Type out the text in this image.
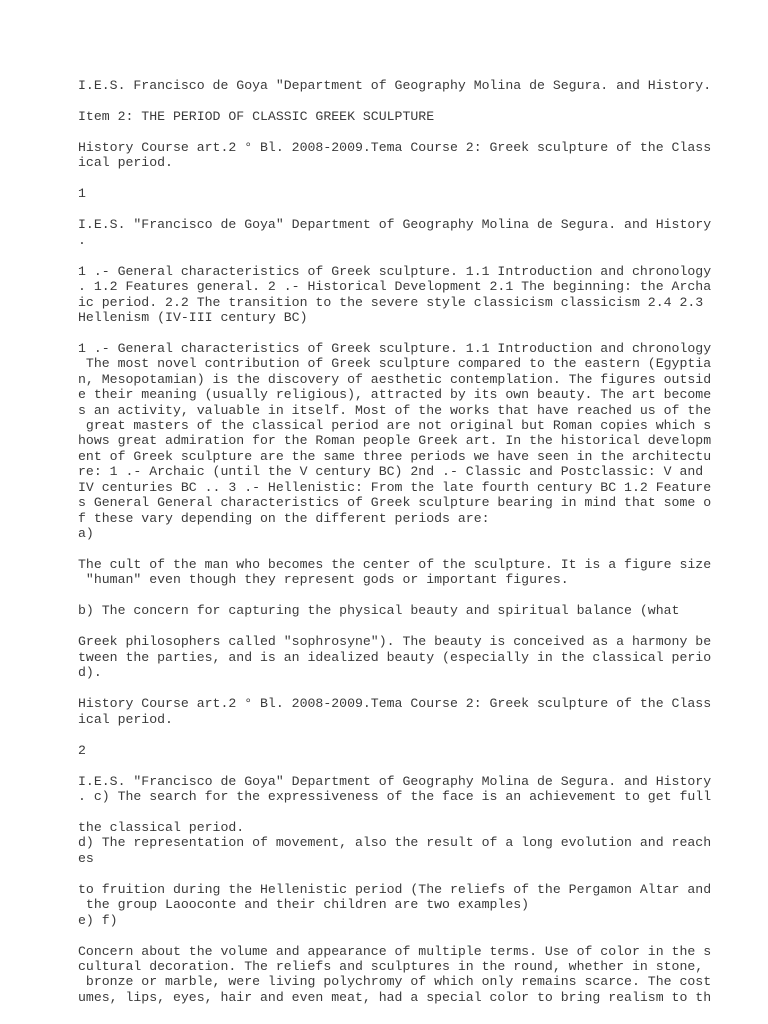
I.E.S. Francisco de Goya "Department of Geography Molina de Segura. and History.

Item 2: THE PERIOD OF CLASSIC GREEK SCULPTURE

History Course art.2 ° Bl. 2008-2009.Tema Course 2: Greek sculpture of the Class
ical period.

1

I.E.S. "Francisco de Goya" Department of Geography Molina de Segura. and History
.

1 .- General characteristics of Greek sculpture. 1.1 Introduction and chronology
. 1.2 Features general. 2 .- Historical Development 2.1 The beginning: the Archa
ic period. 2.2 The transition to the severe style classicism classicism 2.4 2.3
Hellenism (IV-III century BC)

1 .- General characteristics of Greek sculpture. 1.1 Introduction and chronology
The most novel contribution of Greek sculpture compared to the eastern (Egyptia
n, Mesopotamian) is the discovery of aesthetic contemplation. The figures outsid
e their meaning (usually religious), attracted by its own beauty. The art become
s an activity, valuable in itself. Most of the works that have reached us of the
great masters of the classical period are not original but Roman copies which s
hows great admiration for the Roman people Greek art. In the historical developm
ent of Greek sculpture are the same three periods we have seen in the architectu
re: 1 .- Archaic (until the V century BC) 2nd .- Classic and Postclassic: V and
IV centuries BC .. 3 .- Hellenistic: From the late fourth century BC 1.2 Feature
s General General characteristics of Greek sculpture bearing in mind that some o
f these vary depending on the different periods are:
a)

The cult of the man who becomes the center of the sculpture. It is a figure size
"human" even though they represent gods or important figures.

b) The concern for capturing the physical beauty and spiritual balance (what

Greek philosophers called "sophrosyne"). The beauty is conceived as a harmony be
tween the parties, and is an idealized beauty (especially in the classical perio
d).

History Course art.2 ° Bl. 2008-2009.Tema Course 2: Greek sculpture of the Class
ical period.

2

I.E.S. "Francisco de Goya" Department of Geography Molina de Segura. and History
. c) The search for the expressiveness of the face is an achievement to get full

the classical period.
d) The representation of movement, also the result of a long evolution and reach
es

to fruition during the Hellenistic period (The reliefs of the Pergamon Altar and
the group Laooconte and their children are two examples)
e) f)

Concern about the volume and appearance of multiple terms. Use of color in the s
cultural decoration. The reliefs and sculptures in the round, whether in stone,
bronze or marble, were living polychromy of which only remains scarce. The cost
umes, lips, eyes, hair and even meat, had a special color to bring realism to th
